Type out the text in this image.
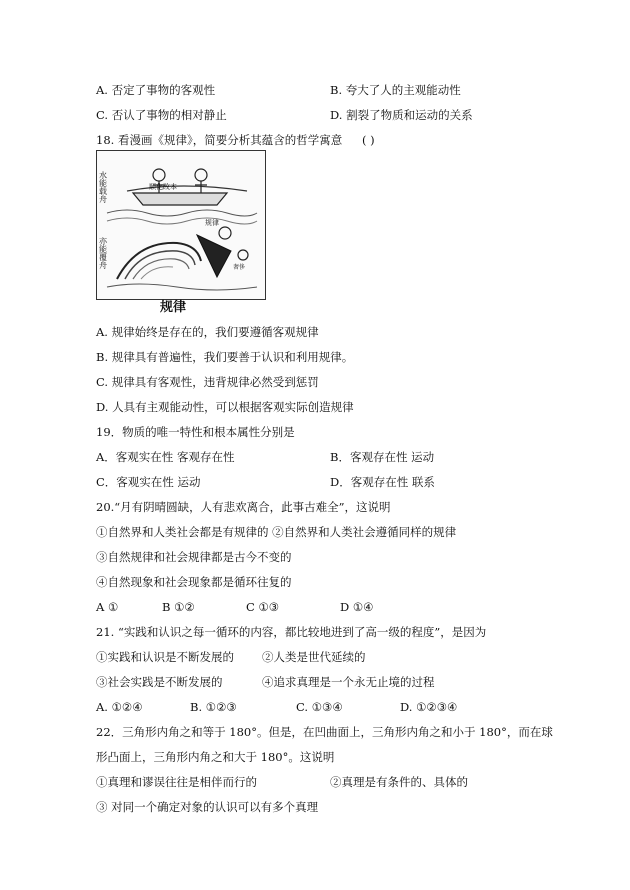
A. 否定了事物的客观性	B. 夸大了人的主观能动性
C. 否认了事物的相对静止	D. 割裂了物质和运动的关系
18. 看漫画《规律》，简要分析其蕴含的哲学寓意 ( )
顺化改本
水能载舟
亦能覆舟
规律
奢侈
规律
A. 规律始终是存在的，我们要遵循客观规律
B. 规律具有普遍性，我们要善于认识和利用规律。
C. 规律具有客观性，违背规律必然受到惩罚
D. 人具有主观能动性，可以根据客观实际创造规律
19．物质的唯一特性和根本属性分别是
A．客观实在性 客观存在性	B．客观存在性 运动
C．客观实在性 运动	D．客观存在性 联系
20.“月有阴晴圆缺，人有悲欢离合，此事古难全”，这说明
①自然界和人类社会都是有规律的 ②自然界和人类社会遵循同样的规律
③自然规律和社会规律都是古今不变的
④自然现象和社会现象都是循环往复的
A ①	B ①②	C ①③	D ①④
21. “实践和认识之每一循环的内容，都比较地进到了高一级的程度”，是因为
①实践和认识是不断发展的 ②人类是世代延续的
③社会实践是不断发展的	④追求真理是一个永无止境的过程
A. ①②④	B. ①②③	C. ①③④	D. ①②③④
22．三角形内角之和等于 180°。但是，在凹曲面上，三角形内角之和小于 180°，而在球
形凸面上，三角形内角之和大于 180°。这说明
①真理和谬误往往是相伴而行的	②真理是有条件的、具体的
③ 对同一个确定对象的认识可以有多个真理
